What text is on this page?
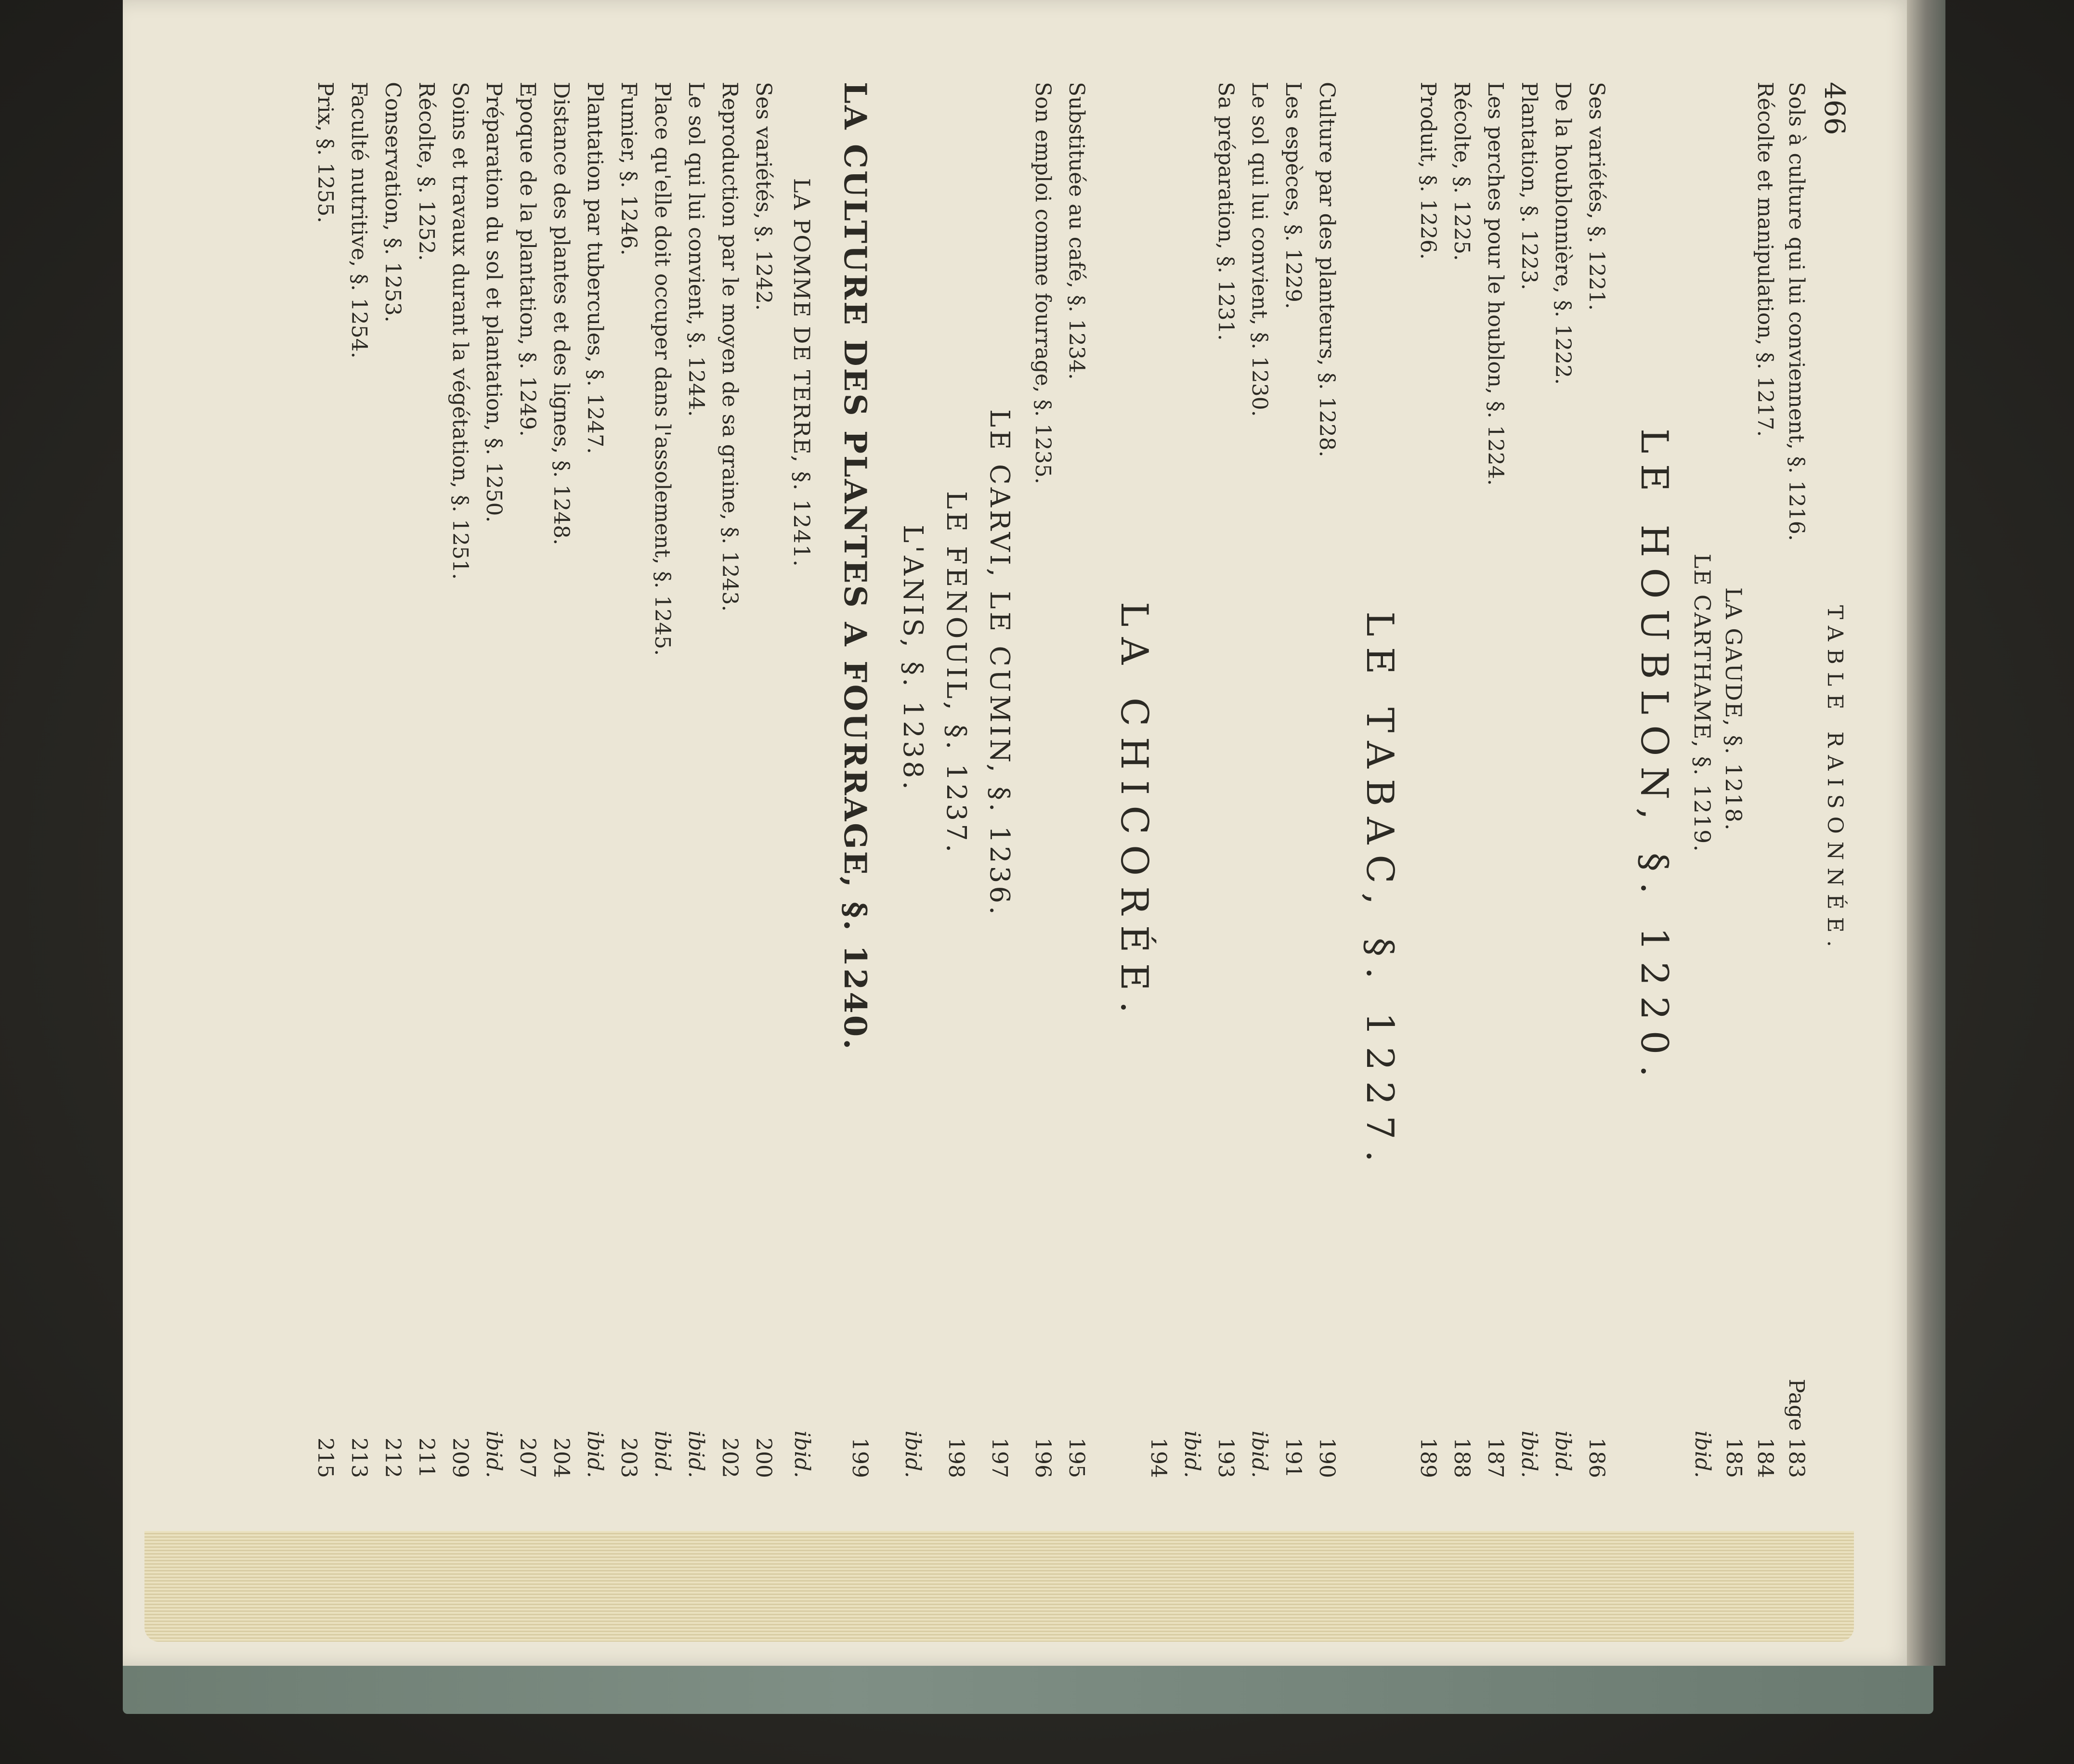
466
TABLE RAISONNÉE.
Sols à culture qui lui conviennent, §. 1216.
Page 183
Récolte et manipulation, §. 1217.
184
LA GAUDE, §. 1218.
185
LE CARTHAME, §. 1219.
ibid.
LE HOUBLON, §. 1220.
Ses variétés, §. 1221.
186
De la houblonnière, §. 1222.
ibid.
Plantation, §. 1223.
ibid.
Les perches pour le houblon, §. 1224.
187
Récolte, §. 1225.
188
Produit, §. 1226.
189
LE TABAC, §. 1227.
Culture par des planteurs, §. 1228.
190
Les espèces, §. 1229.
191
Le sol qui lui convient, §. 1230.
ibid.
Sa préparation, §. 1231.
193
ibid.
194
LA CHICORÉE.
Substituée au café, §. 1234.
195
Son emploi comme fourrage, §. 1235.
196
LE CARVI, LE CUMIN, §. 1236.
197
LE FENOUIL, §. 1237.
198
L'ANIS, §. 1238.
ibid.
LA CULTURE DES PLANTES A FOURRAGE, §. 1240.
199
LA POMME DE TERRE, §. 1241.
ibid.
Ses variétés, §. 1242.
200
Reproduction par le moyen de sa graine, §. 1243.
202
Le sol qui lui convient, §. 1244.
ibid.
Place qu'elle doit occuper dans l'assolement, §. 1245.
ibid.
Fumier, §. 1246.
203
Plantation par tubercules, §. 1247.
ibid.
Distance des plantes et des lignes, §. 1248.
204
Epoque de la plantation, §. 1249.
207
Préparation du sol et plantation, §. 1250.
ibid.
Soins et travaux durant la végétation, §. 1251.
209
Récolte, §. 1252.
211
Conservation, §. 1253.
212
Faculté nutritive, §. 1254.
213
Prix, §. 1255.
215
